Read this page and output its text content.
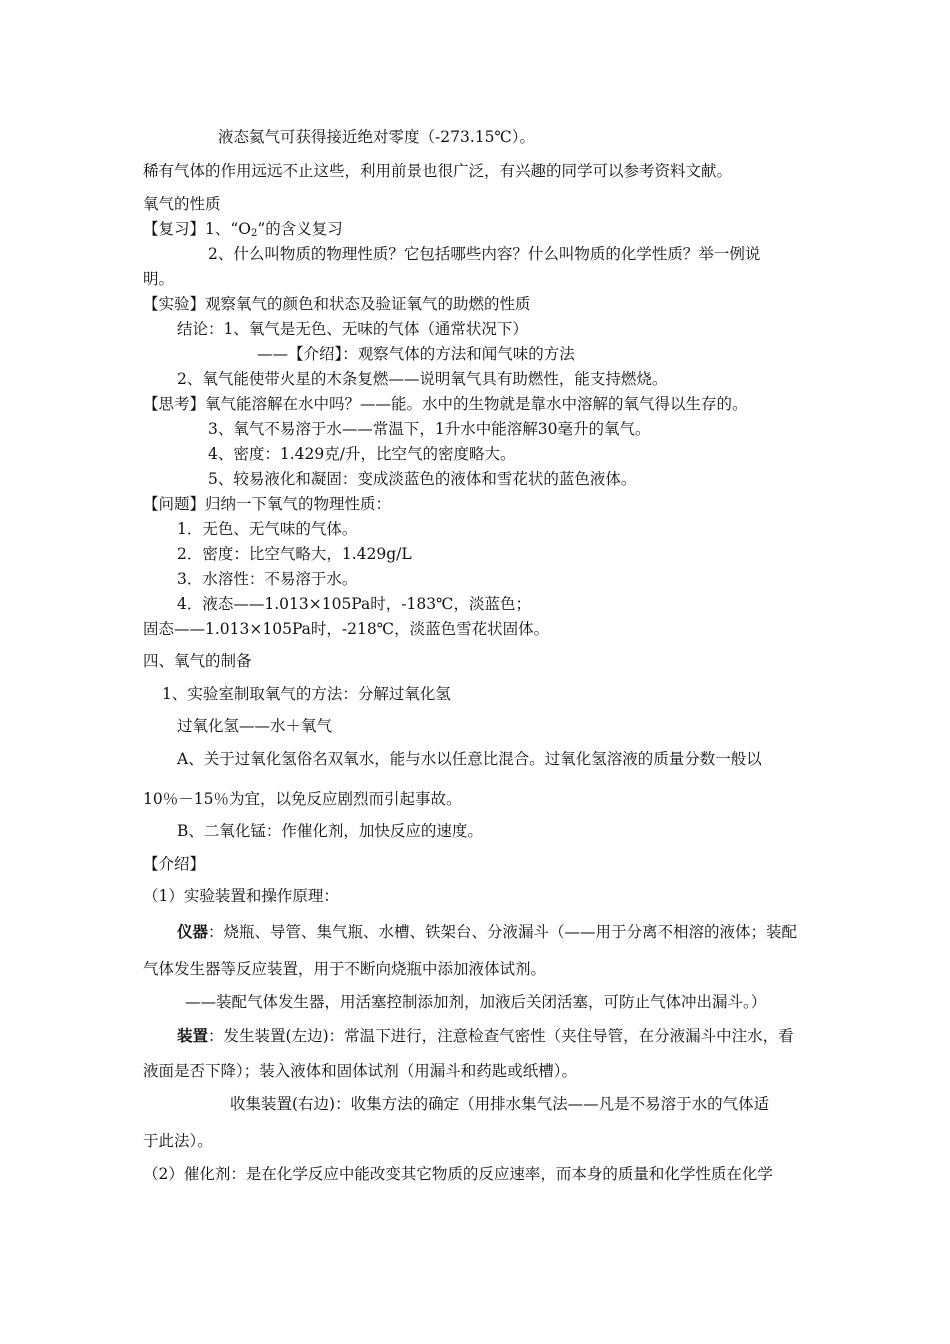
液态氦气可获得接近绝对零度（-273.15℃）。
稀有气体的作用远远不止这些，利用前景也很广泛，有兴趣的同学可以参考资料文献。
氧气的性质
【复习】1、“$O_2$”的含义复习
2、什么叫物质的物理性质？它包括哪些内容？什么叫物质的化学性质？举一例说
明。
【实验】观察氧气的颜色和状态及验证氧气的助燃的性质
结论：1、氧气是无色、无味的气体（通常状况下）
——【介绍】：观察气体的方法和闻气味的方法
2、氧气能使带火星的木条复燃——说明氧气具有助燃性，能支持燃烧。
【思考】氧气能溶解在水中吗？——能。水中的生物就是靠水中溶解的氧气得以生存的。
3、氧气不易溶于水——常温下，1升水中能溶解30毫升的氧气。
4、密度：1.429克/升，比空气的密度略大。
5、较易液化和凝固：变成淡蓝色的液体和雪花状的蓝色液体。
【问题】归纳一下氧气的物理性质：
1．无色、无气味的气体。
2．密度：比空气略大，1.429g/L
3．水溶性：不易溶于水。
4．液态——1.013×105Pa时，-183℃，淡蓝色；
固态——1.013×105Pa时，-218℃，淡蓝色雪花状固体。
四、氧气的制备
1、实验室制取氧气的方法：分解过氧化氢
过氧化氢——水＋氧气
A、关于过氧化氢俗名双氧水，能与水以任意比混合。过氧化氢溶液的质量分数一般以
10％－15％为宜，以免反应剧烈而引起事故。
B、二氧化锰：作催化剂，加快反应的速度。
【介绍】
（1）实验装置和操作原理：
仪器：烧瓶、导管、集气瓶、水槽、铁架台、分液漏斗（——用于分离不相溶的液体；装配
气体发生器等反应装置，用于不断向烧瓶中添加液体试剂。
——装配气体发生器，用活塞控制添加剂，加液后关闭活塞，可防止气体冲出漏斗。）
装置：发生装置(左边)：常温下进行，注意检查气密性（夹住导管，在分液漏斗中注水，看
液面是否下降）；装入液体和固体试剂（用漏斗和药匙或纸槽）。
收集装置(右边)：收集方法的确定（用排水集气法——凡是不易溶于水的气体适
于此法）。
（2）催化剂：是在化学反应中能改变其它物质的反应速率，而本身的质量和化学性质在化学
